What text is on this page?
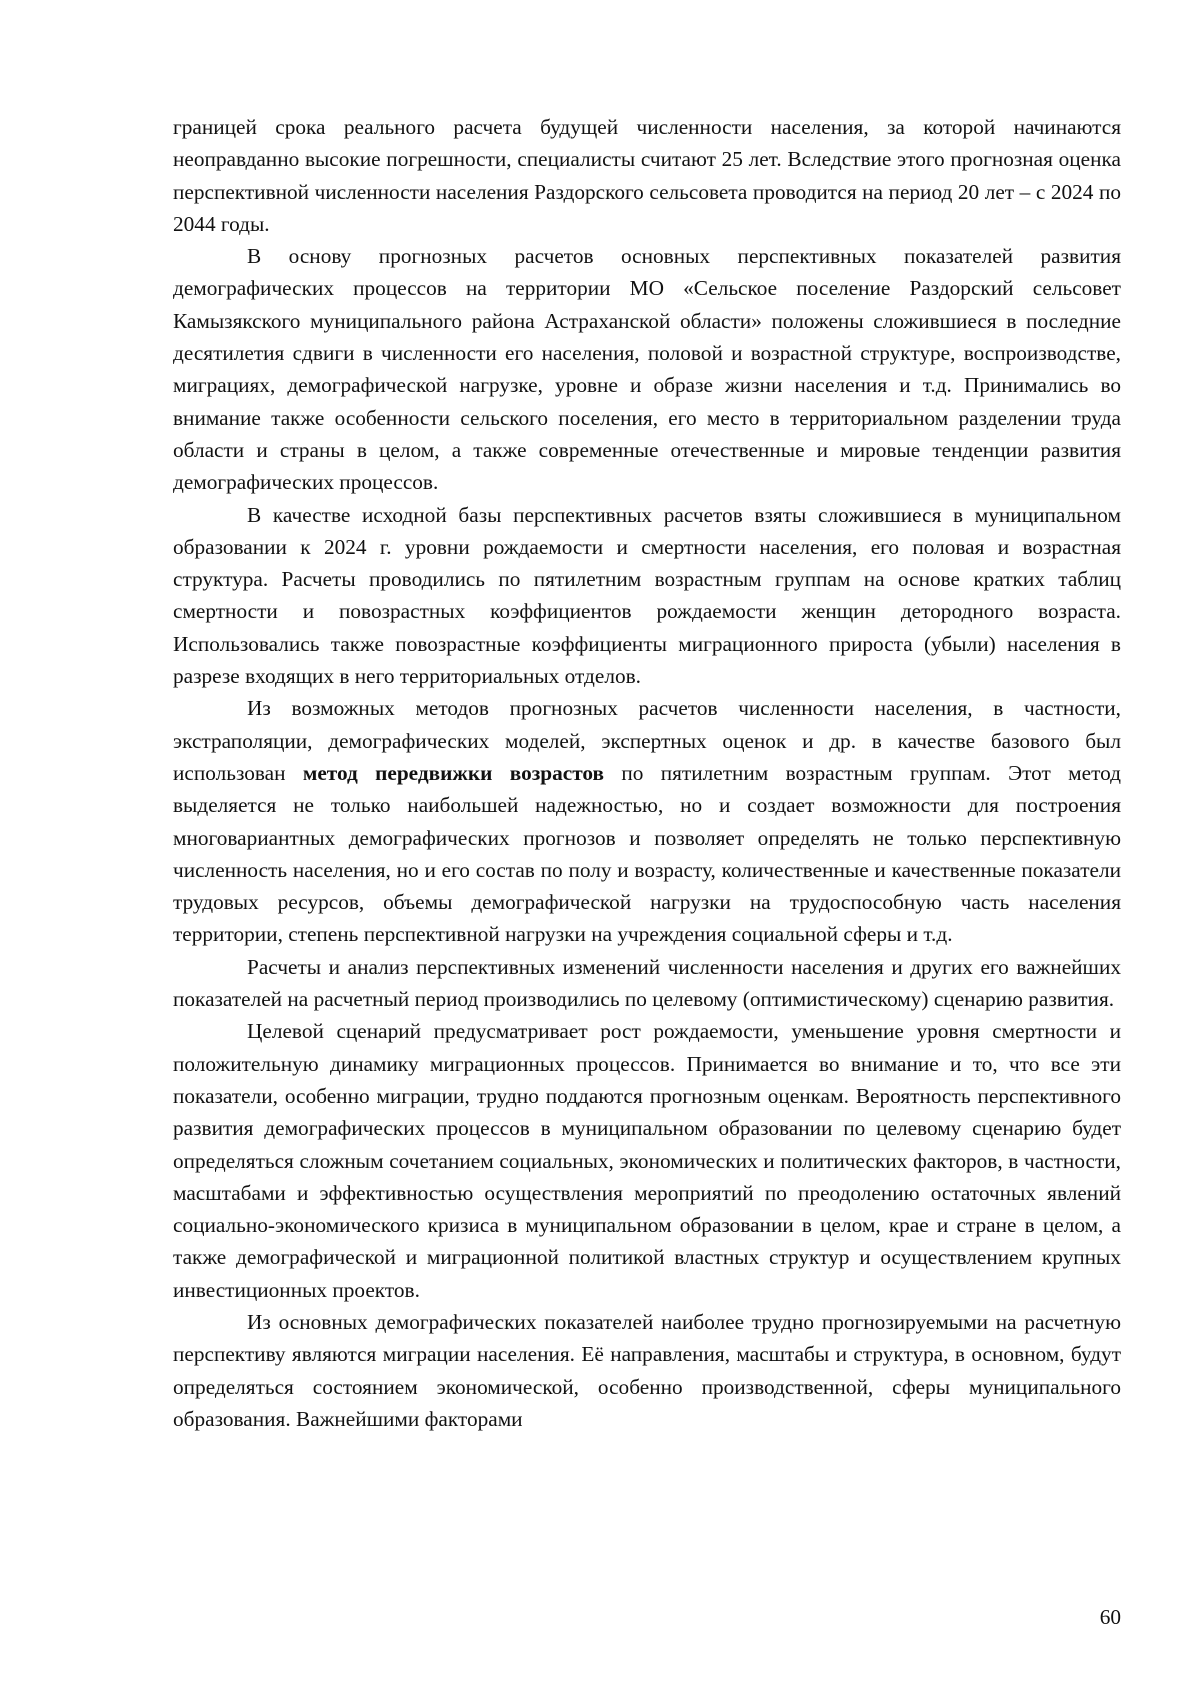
границей срока реального расчета будущей численности населения, за которой начинаются неоправданно высокие погрешности, специалисты считают 25 лет. Вследствие этого прогнозная оценка перспективной численности населения Раздорского сельсовета проводится на период 20 лет – с 2024 по 2044 годы.

В основу прогнозных расчетов основных перспективных показателей развития демографических процессов на территории МО «Сельское поселение Раздорский сельсовет Камызякского муниципального района Астраханской области» положены сложившиеся в последние десятилетия сдвиги в численности его населения, половой и возрастной структуре, воспроизводстве, миграциях, демографической нагрузке, уровне и образе жизни населения и т.д. Принимались во внимание также особенности сельского поселения, его место в территориальном разделении труда области и страны в целом, а также современные отечественные и мировые тенденции развития демографических процессов.

В качестве исходной базы перспективных расчетов взяты сложившиеся в муниципальном образовании к 2024 г. уровни рождаемости и смертности населения, его половая и возрастная структура. Расчеты проводились по пятилетним возрастным группам на основе кратких таблиц смертности и повозрастных коэффициентов рождаемости женщин детородного возраста. Использовались также повозрастные коэффициенты миграционного прироста (убыли) населения в разрезе входящих в него территориальных отделов.

Из возможных методов прогнозных расчетов численности населения, в частности, экстраполяции, демографических моделей, экспертных оценок и др. в качестве базового был использован метод передвижки возрастов по пятилетним возрастным группам. Этот метод выделяется не только наибольшей надежностью, но и создает возможности для построения многовариантных демографических прогнозов и позволяет определять не только перспективную численность населения, но и его состав по полу и возрасту, количественные и качественные показатели трудовых ресурсов, объемы демографической нагрузки на трудоспособную часть населения территории, степень перспективной нагрузки на учреждения социальной сферы и т.д.

Расчеты и анализ перспективных изменений численности населения и других его важнейших показателей на расчетный период производились по целевому (оптимистическому) сценарию развития.

Целевой сценарий предусматривает рост рождаемости, уменьшение уровня смертности и положительную динамику миграционных процессов. Принимается во внимание и то, что все эти показатели, особенно миграции, трудно поддаются прогнозным оценкам. Вероятность перспективного развития демографических процессов в муниципальном образовании по целевому сценарию будет определяться сложным сочетанием социальных, экономических и политических факторов, в частности, масштабами и эффективностью осуществления мероприятий по преодолению остаточных явлений социально-экономического кризиса в муниципальном образовании в целом, крае и стране в целом, а также демографической и миграционной политикой властных структур и осуществлением крупных инвестиционных проектов.

Из основных демографических показателей наиболее трудно прогнозируемыми на расчетную перспективу являются миграции населения. Её направления, масштабы и структура, в основном, будут определяться состоянием экономической, особенно производственной, сферы муниципального образования. Важнейшими факторами

60
